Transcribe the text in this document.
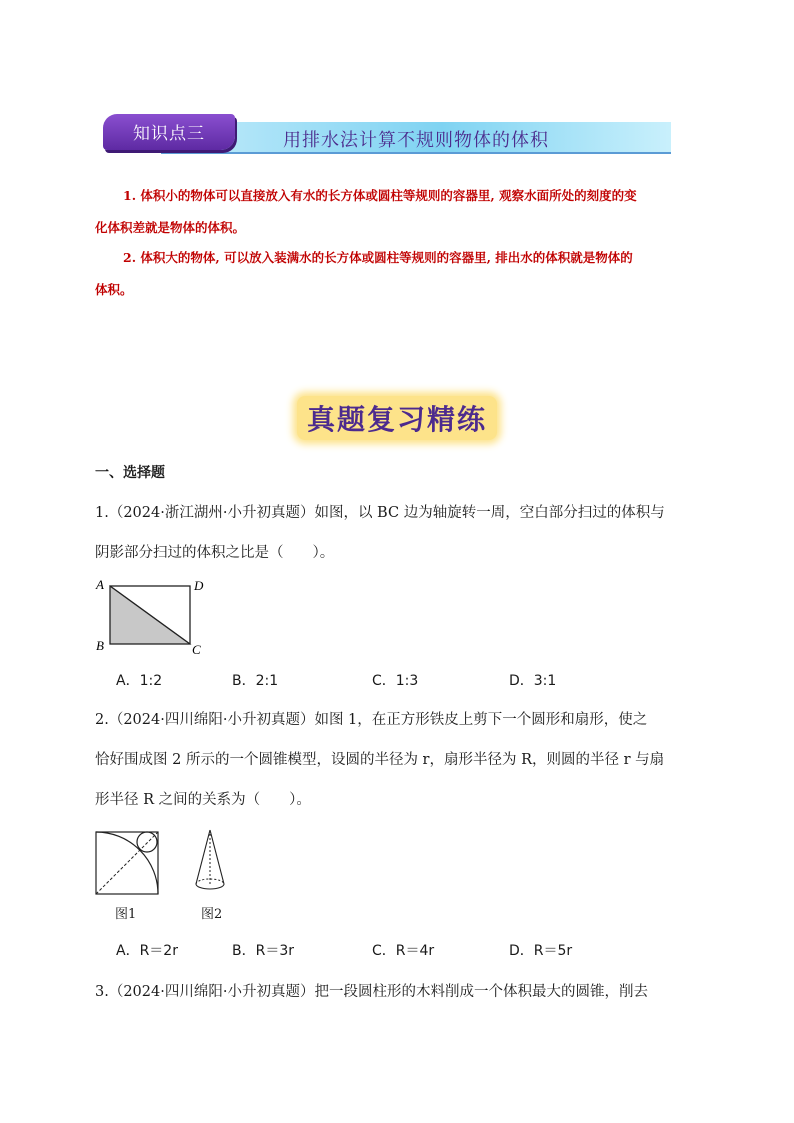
用排水法计算不规则物体的体积
知识点三
1. 体积小的物体可以直接放入有水的长方体或圆柱等规则的容器里, 观察水面所处的刻度的变
化体积差就是物体的体积。
2. 体积大的物体, 可以放入装满水的长方体或圆柱等规则的容器里, 排出水的体积就是物体的
体积。
真题复习精练
一、选择题
1.（2024·浙江湖州·小升初真题）如图，以 BC 边为轴旋转一周，空白部分扫过的体积与
阴影部分扫过的体积之比是（　　）。
A	D
B	C
A．1:2	B．2:1	C．1:3	D．3:1
2.（2024·四川绵阳·小升初真题）如图 1，在正方形铁皮上剪下一个圆形和扇形，使之
恰好围成图 2 所示的一个圆锥模型，设圆的半径为 r，扇形半径为 R，则圆的半径 r 与扇
形半径 R 之间的关系为（　　）。
图1	图2
A．R＝2r	B．R＝3r	C．R＝4r	D．R＝5r
3.（2024·四川绵阳·小升初真题）把一段圆柱形的木料削成一个体积最大的圆锥，削去
